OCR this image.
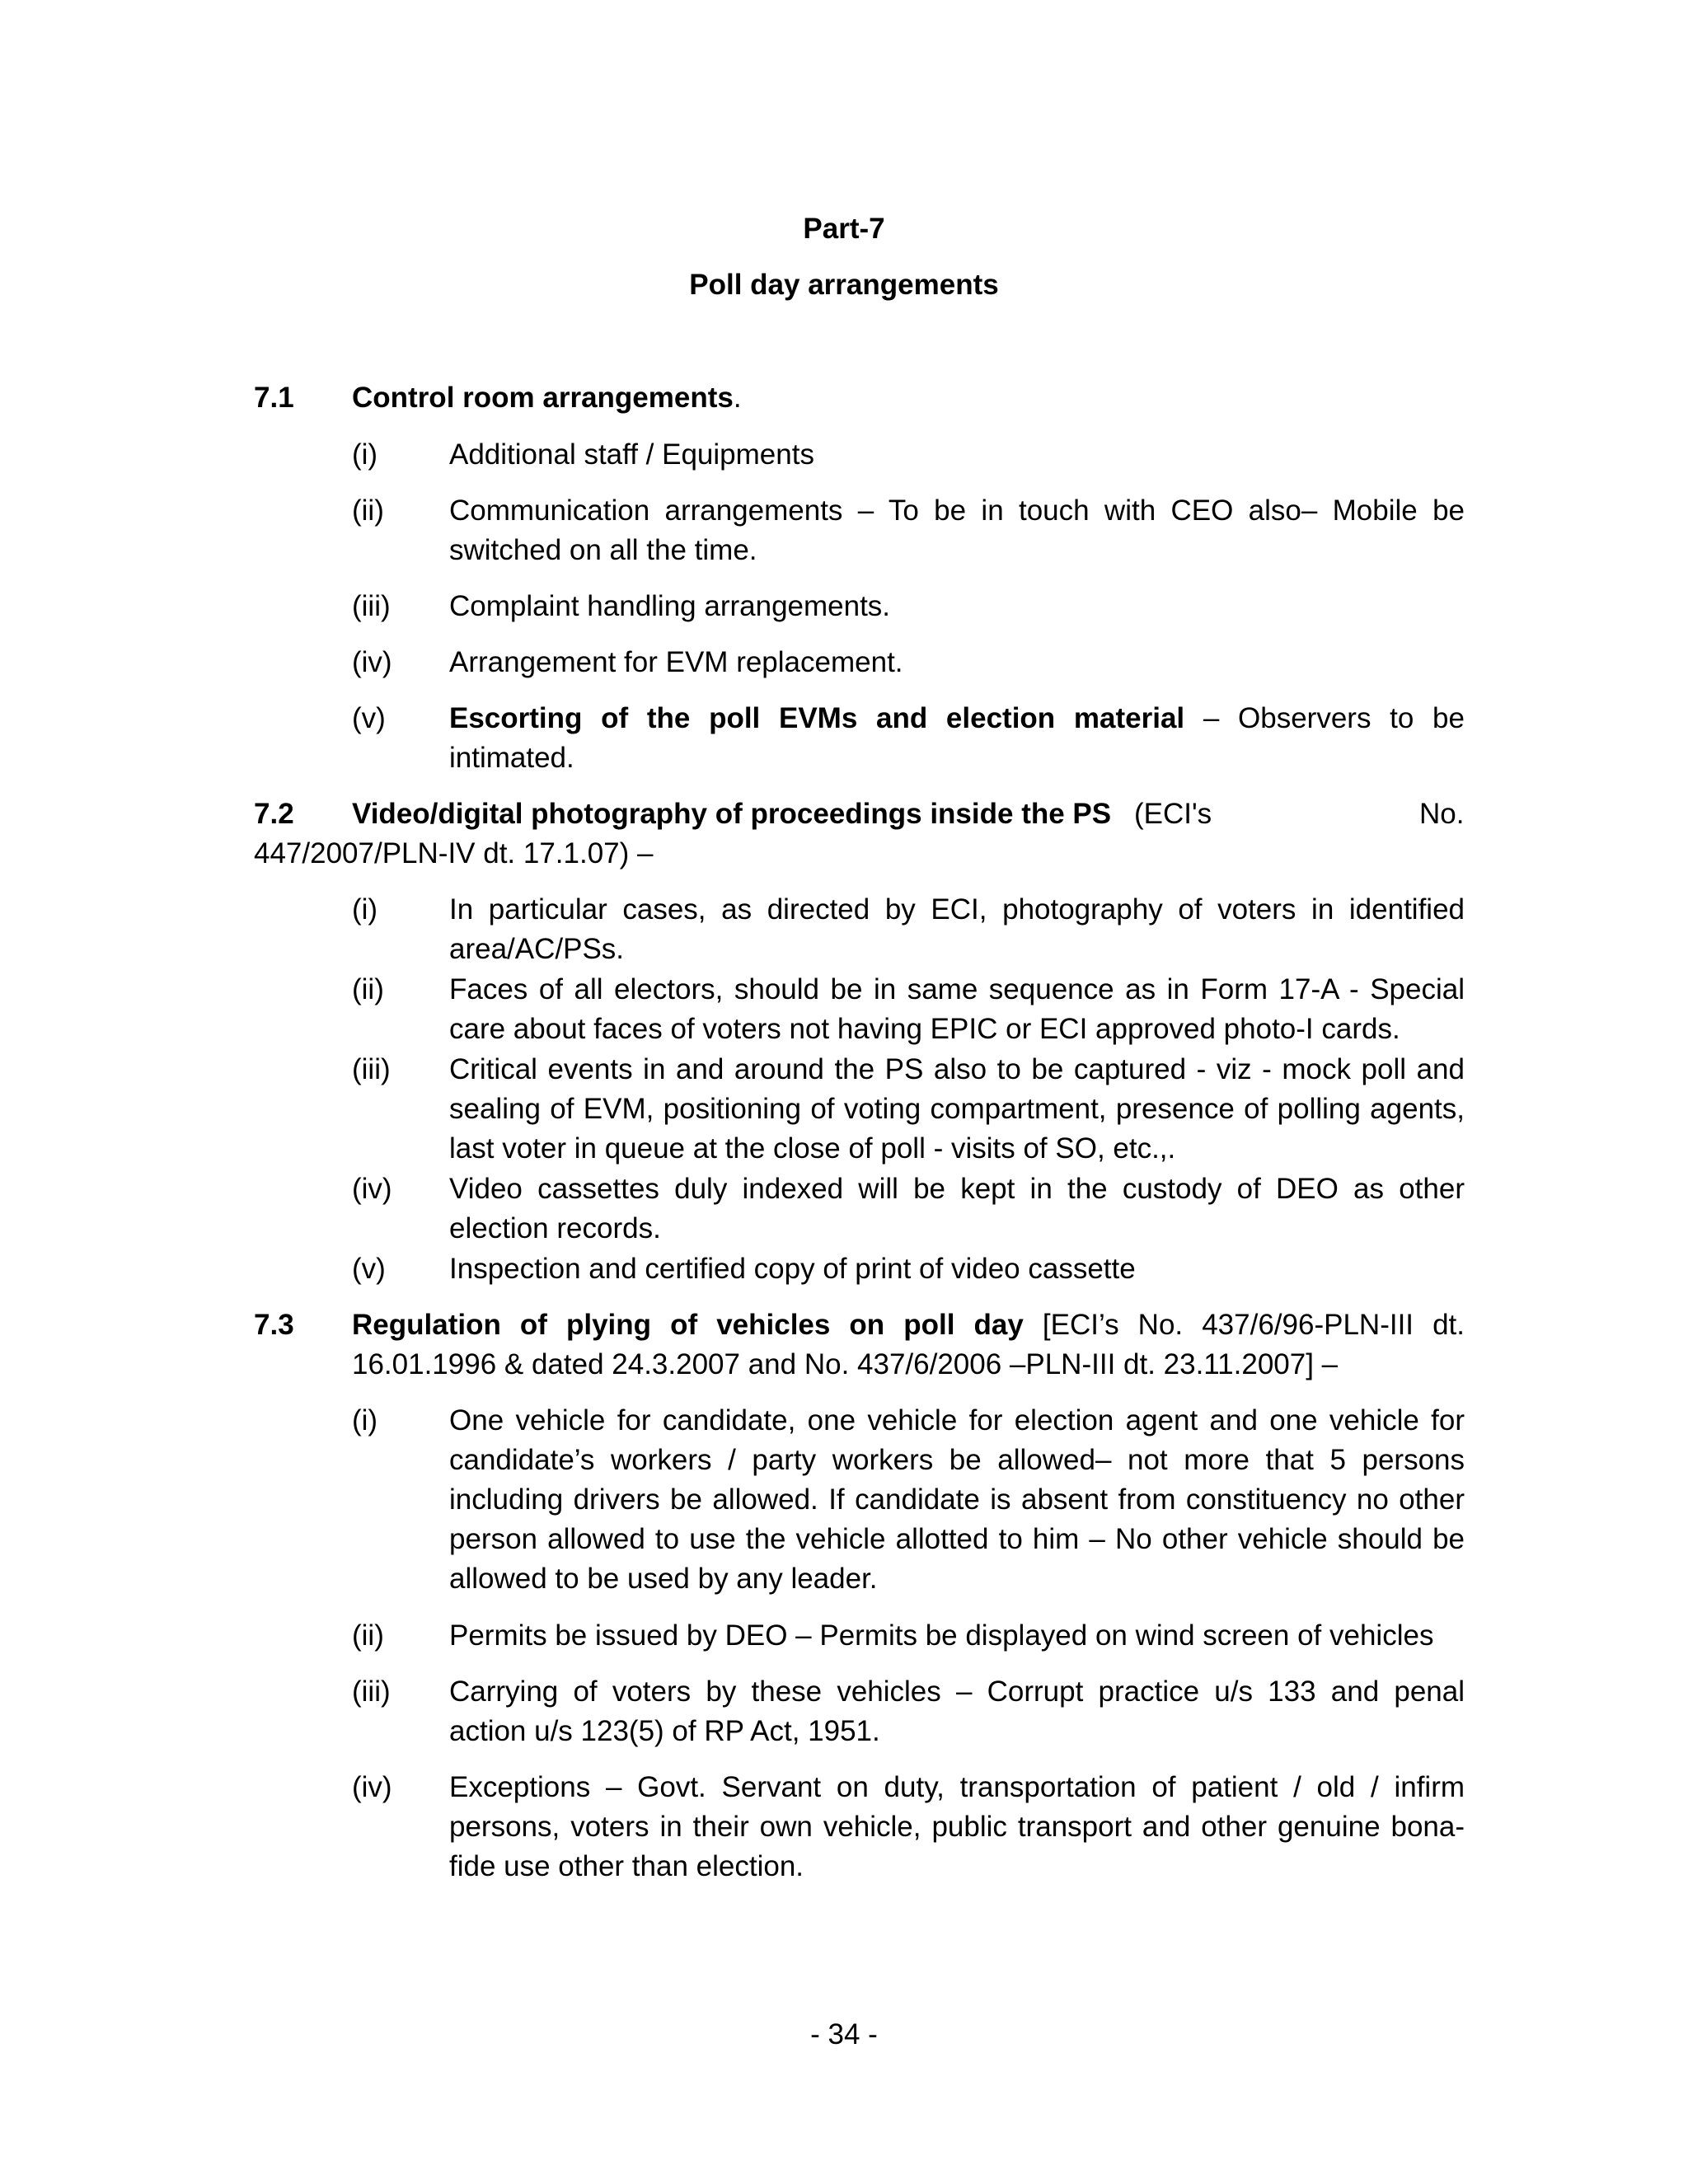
Part-7
Poll day arrangements
7.1 Control room arrangements.
(i) Additional staff / Equipments
(ii) Communication arrangements – To be in touch with CEO also– Mobile be switched on all the time.
(iii) Complaint handling arrangements.
(iv) Arrangement for EVM replacement.
(v) Escorting of the poll EVMs and election material – Observers to be intimated.
7.2 Video/digital photography of proceedings inside the PS (ECI's	No.
447/2007/PLN-IV dt. 17.1.07) –
(i) In particular cases, as directed by ECI, photography of voters in identified area/AC/PSs.
(ii) Faces of all electors, should be in same sequence as in Form 17-A - Special care about faces of voters not having EPIC or ECI approved photo-I cards.
(iii) Critical events in and around the PS also to be captured - viz - mock poll and sealing of EVM, positioning of voting compartment, presence of polling agents, last voter in queue at the close of poll - visits of SO, etc.,.
(iv) Video cassettes duly indexed will be kept in the custody of DEO as other election records.
(v) Inspection and certified copy of print of video cassette
7.3 Regulation of plying of vehicles on poll day [ECI’s No. 437/6/96-PLN-III dt. 16.01.1996 & dated 24.3.2007 and No. 437/6/2006 –PLN-III dt. 23.11.2007] –
(i) One vehicle for candidate, one vehicle for election agent and one vehicle for candidate’s workers / party workers be allowed– not more that 5 persons including drivers be allowed. If candidate is absent from constituency no other person allowed to use the vehicle allotted to him – No other vehicle should be allowed to be used by any leader.
(ii) Permits be issued by DEO – Permits be displayed on wind screen of vehicles
(iii) Carrying of voters by these vehicles – Corrupt practice u/s 133 and penal action u/s 123(5) of RP Act, 1951.
(iv) Exceptions – Govt. Servant on duty, transportation of patient / old / infirm persons, voters in their own vehicle, public transport and other genuine bona-fide use other than election.
- 34 -
